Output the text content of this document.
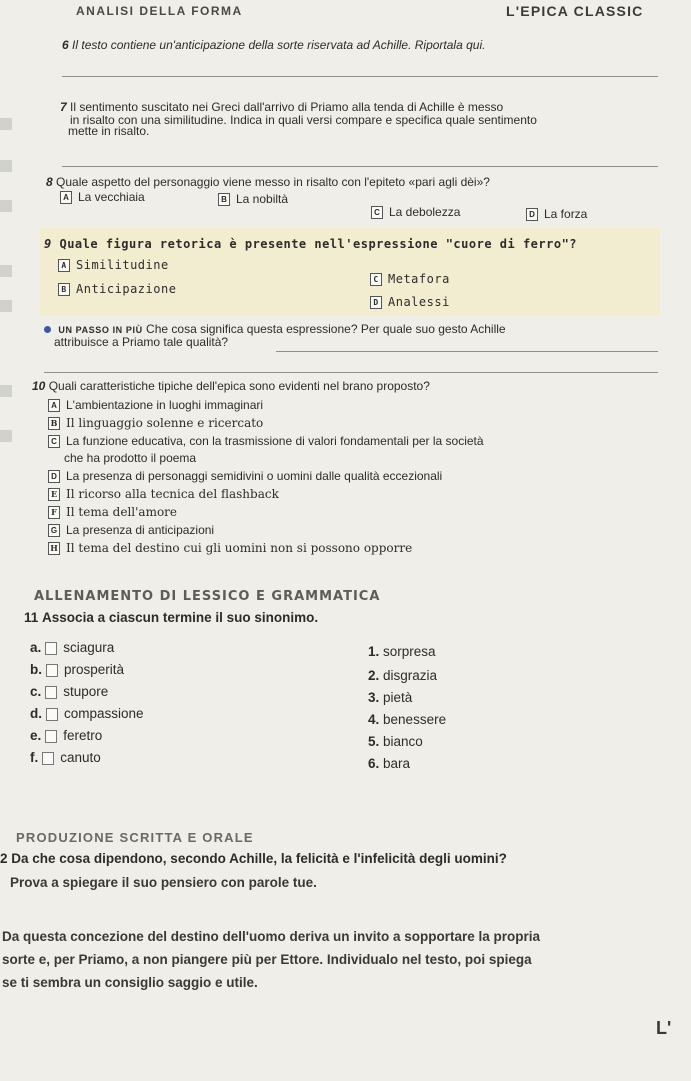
ANALISI DELLA FORMA	L'EPICA CLASSIC
6 Il testo contiene un'anticipazione della sorte riservata ad Achille. Riportala qui.
7 Il sentimento suscitato nei Greci dall'arrivo di Priamo alla tenda di Achille è messo
in risalto con una similitudine. Indica in quali versi compare e specifica quale sentimento
mette in risalto.
8 Quale aspetto del personaggio viene messo in risalto con l'epiteto «pari agli dèi»?
A La vecchiaia	B La nobiltà
C La debolezza	D La forza
9 Quale figura retorica è presente nell'espressione "cuore di ferro"?
A Similitudine
B Anticipazione
C Metafora
D Analessi
UN PASSO IN PIÙ Che cosa significa questa espressione? Per quale suo gesto Achille
attribuisce a Priamo tale qualità?
10 Quali caratteristiche tipiche dell'epica sono evidenti nel brano proposto?
A L'ambientazione in luoghi immaginari
B Il linguaggio solenne e ricercato
C La funzione educativa, con la trasmissione di valori fondamentali per la società
che ha prodotto il poema
D La presenza di personaggi semidivini o uomini dalle qualità eccezionali
E Il ricorso alla tecnica del flashback
F Il tema dell'amore
G La presenza di anticipazioni
H Il tema del destino cui gli uomini non si possono opporre
ALLENAMENTO DI LESSICO E GRAMMATICA
11 Associa a ciascun termine il suo sinonimo.
a. sciagura
b. prosperità
c. stupore
d. compassione
e. feretro
f. canuto
1. sorpresa
2. disgrazia
3. pietà
4. benessere
5. bianco
6. bara
PRODUZIONE SCRITTA E ORALE
2 Da che cosa dipendono, secondo Achille, la felicità e l'infelicità degli uomini?
Prova a spiegare il suo pensiero con parole tue.
Da questa concezione del destino dell'uomo deriva un invito a sopportare la propria
sorte e, per Priamo, a non piangere più per Ettore. Individualo nel testo, poi spiega
se ti sembra un consiglio saggio e utile.
L'
